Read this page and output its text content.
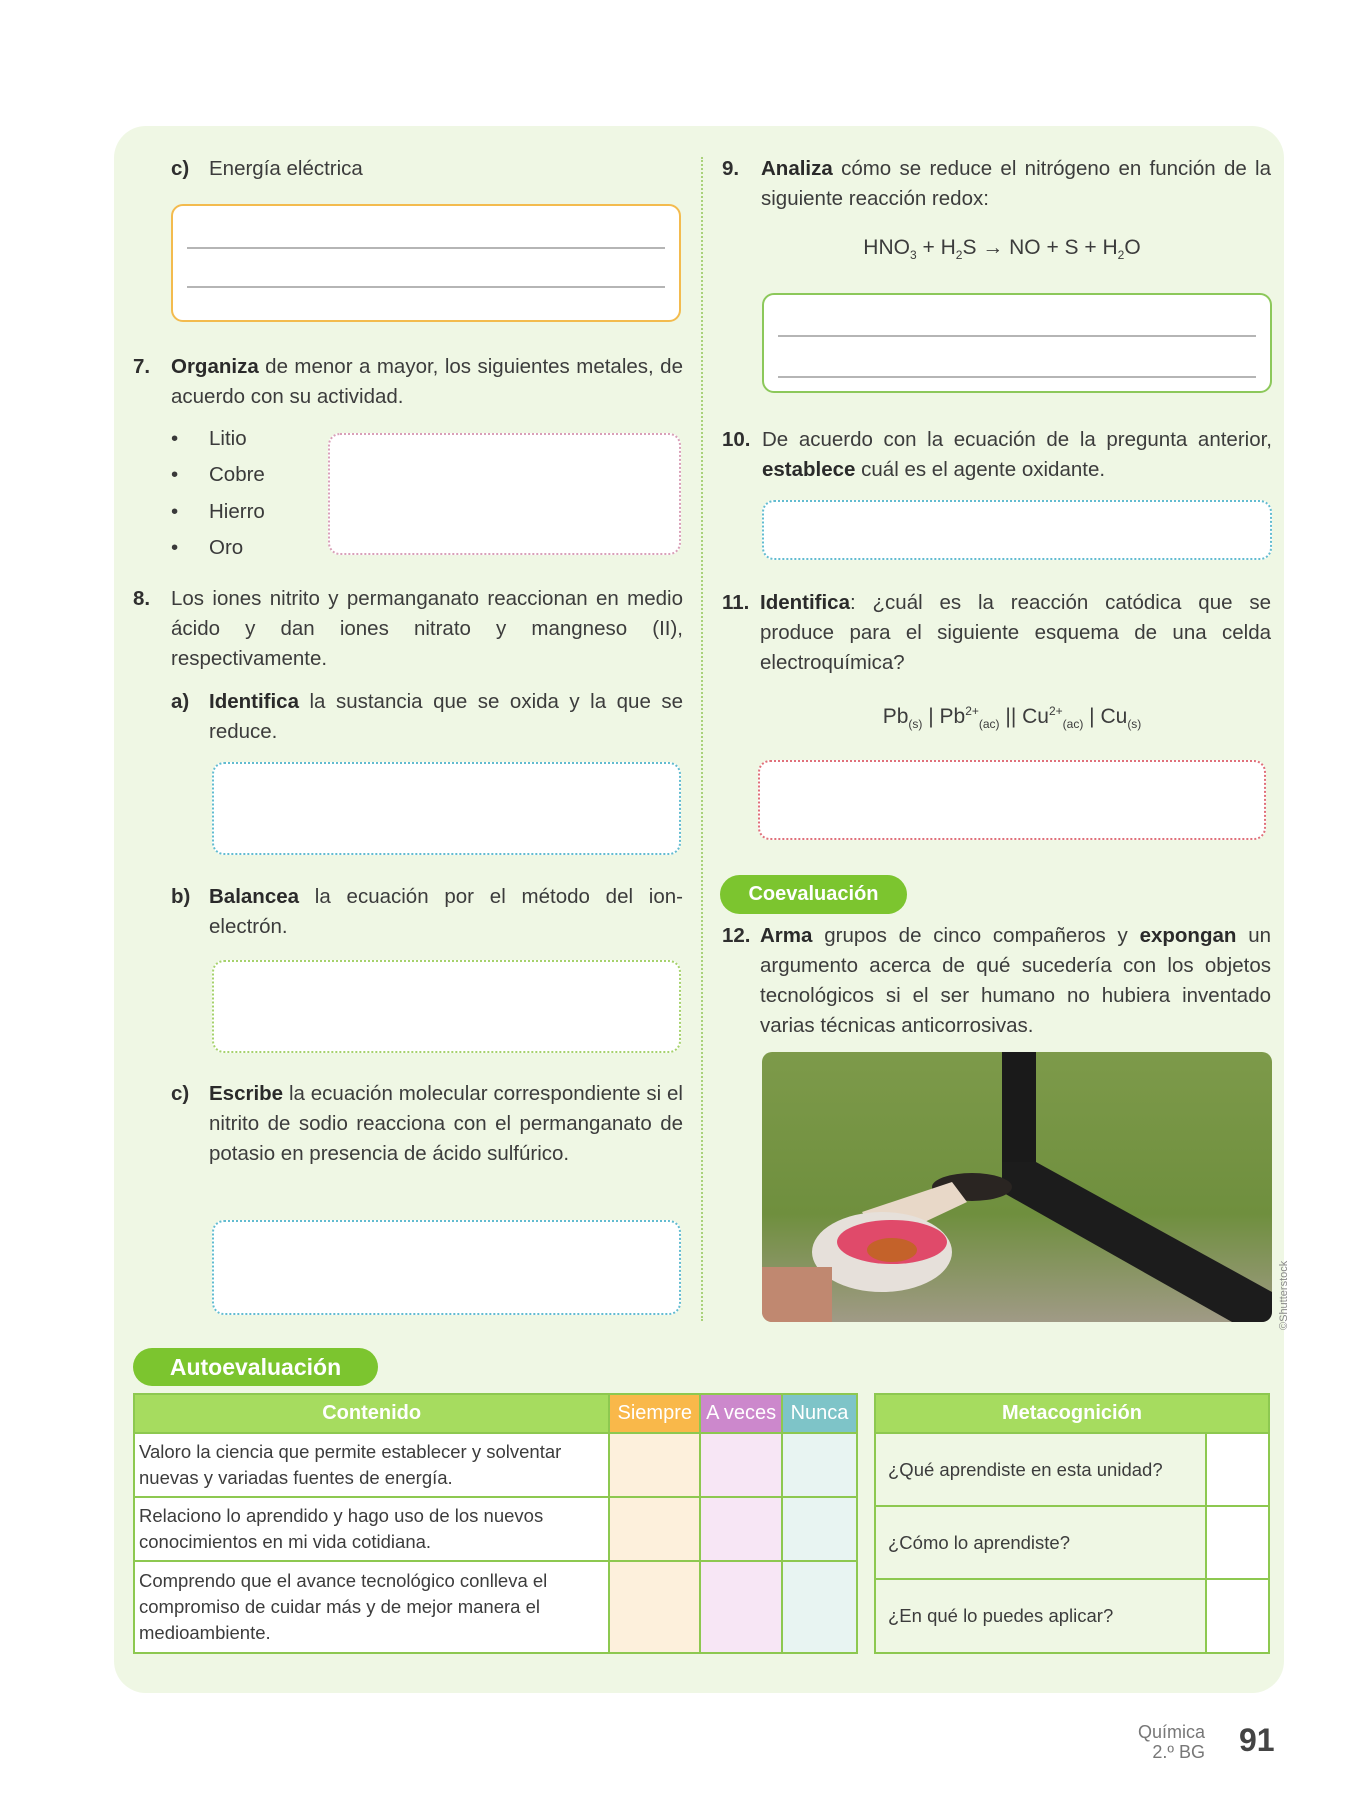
c) Energía eléctrica
7. Organiza de menor a mayor, los siguientes metales, de acuerdo con su actividad.
• Litio
• Cobre
• Hierro
• Oro
8. Los iones nitrito y permanganato reaccionan en medio ácido y dan iones nitrato y mangneso (II), respectivamente.
a) Identifica la sustancia que se oxida y la que se reduce.
b) Balancea la ecuación por el método del ion-electrón.
c) Escribe la ecuación molecular correspondiente si el nitrito de sodio reacciona con el permanganato de potasio en presencia de ácido sulfúrico.
9. Analiza cómo se reduce el nitrógeno en función de la siguiente reacción redox:
$HNO_3 + H_2S$ → NO + $S + H_2O$
10. De acuerdo con la ecuación de la pregunta anterior, establece cuál es el agente oxidante.
11. Identifica: ¿cuál es la reacción catódica que se produce para el siguiente esquema de una celda electroquímica?
$Pb_{(s)}$ | $Pb^{2+}_{(ac)}$ || $Cu^{2+}_{(ac)}$ | $Cu_{(s)}$
Coevaluación
12. Arma grupos de cinco compañeros y expongan un argumento acerca de qué sucedería con los objetos tecnológicos si el ser humano no hubiera inventado varias técnicas anticorrosivas.
©Shutterstock
Autoevaluación
Contenido	Siempre	A veces	Nunca
Valoro la ciencia que permite establecer y solventar nuevas y variadas fuentes de energía.			
Relaciono lo aprendido y hago uso de los nuevos conocimientos en mi vida cotidiana.			
Comprendo que el avance tecnológico conlleva el compromiso de cuidar más y de mejor manera el medioambiente.			
Metacognición	
¿Qué aprendiste en esta unidad?	
¿Cómo lo aprendiste?	
¿En qué lo puedes aplicar?	
Química
2.º BG 91
